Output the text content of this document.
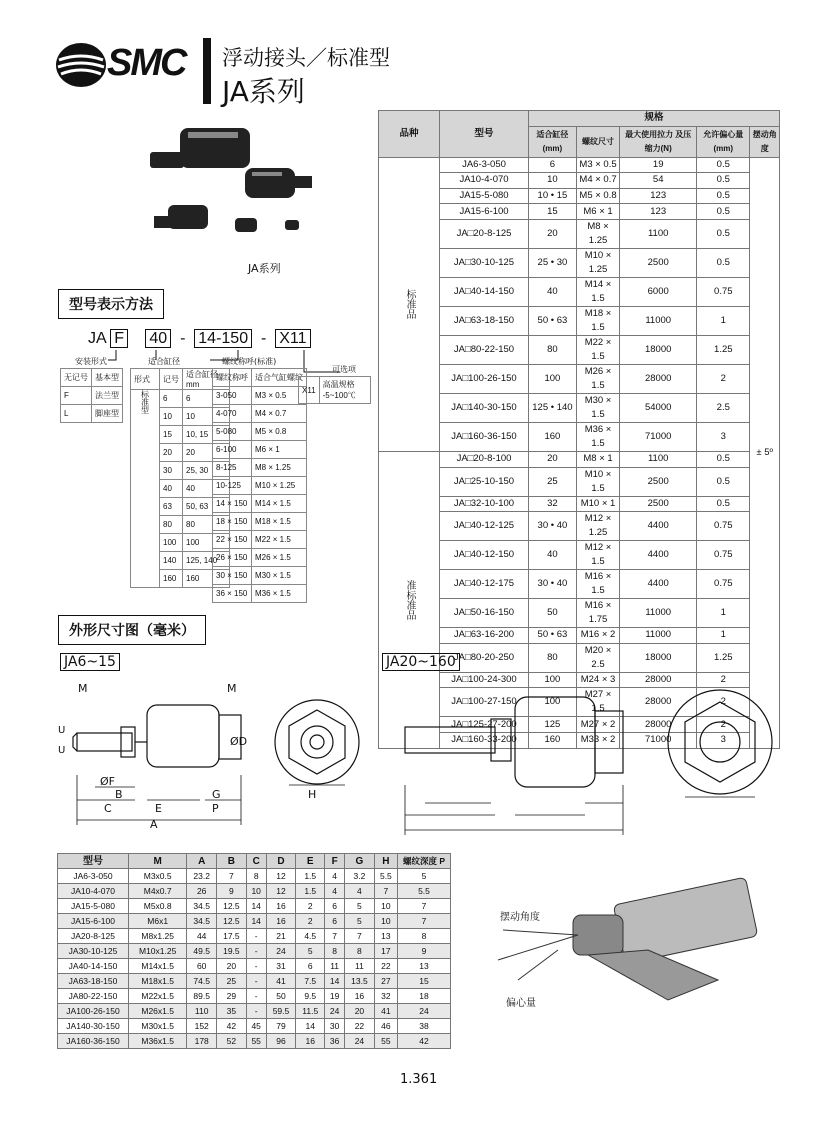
SMC 浮动接头／标准型
JA系列
JA系列
型号表示方法
JA F 40 - 14-150 - X11
安装形式
无记号	基本型
F	法兰型
L	脚座型
适合缸径
形式	记号	适合缸径 mm
标准型	6	6
	10	10
	15	10, 15
	20	20
	30	25, 30
	40	40
	63	50, 63
	80	80
	100	100
	140	125, 140
	160	160
螺纹称呼(标准)
螺纹称呼	适合气缸螺纹
3-050	M3 × 0.5
4-070	M4 × 0.7
5-080	M5 × 0.8
6-100	M6 × 1
8-125	M8 × 1.25
10-125	M10 × 1.25
14 × 150	M14 × 1.5
18 × 150	M18 × 1.5
22 × 150	M22 × 1.5
26 × 150	M26 × 1.5
30 × 150	M30 × 1.5
36 × 150	M36 × 1.5
可选项
X11	高温规格 -5~100℃
品种	型号	规格				
		适合缸径 (mm)	螺纹尺寸	最大使用拉力 及压缩力(N)	允许偏心量 (mm)	摆动角度
标准品	JA6-3-050	6	M3 × 0.5	19	0.5	± 5º
	JA10-4-070	10	M4 × 0.7	54	0.5	
	JA15-5-080	10 • 15	M5 × 0.8	123	0.5	
	JA15-6-100	15	M6 × 1	123	0.5	
	JA□20-8-125	20	M8 × 1.25	1100	0.5	
	JA□30-10-125	25 • 30	M10 × 1.25	2500	0.5	
	JA□40-14-150	40	M14 × 1.5	6000	0.75	
	JA□63-18-150	50 • 63	M18 × 1.5	11000	1	
	JA□80-22-150	80	M22 × 1.5	18000	1.25	
	JA□100-26-150	100	M26 × 1.5	28000	2	
	JA□140-30-150	125 • 140	M30 × 1.5	54000	2.5	
	JA□160-36-150	160	M36 × 1.5	71000	3	
准标准品	JA□20-8-100	20	M8 × 1	1100	0.5	
	JA□25-10-150	25	M10 × 1.5	2500	0.5	
	JA□32-10-100	32	M10 × 1	2500	0.5	
	JA□40-12-125	30 • 40	M12 × 1.25	4400	0.75	
	JA□40-12-150	40	M12 × 1.5	4400	0.75	
	JA□40-12-175	30 • 40	M16 × 1.5	4400	0.75	
	JA□50-16-150	50	M16 × 1.75	11000	1	
	JA□63-16-200	50 • 63	M16 × 2	11000	1	
	JA□80-20-250	80	M20 × 2.5	18000	1.25	
	JA□100-24-300	100	M24 × 3	28000	2	
	JA□100-27-150	100	M27 × 1.5	28000	2	
	JA□125-27-200	125	M27 × 2	28000	2	
	JA□160-33-200	160	M33 × 2	71000	3	
外形尺寸图（毫米）
JA6~15	JA20~160
M	M
U
U
ØF
ØD
B
C	E
A
G
P
H
型号	M	A	B	C	D	E	F	G	H	螺纹深度 P
JA6-3-050	M3x0.5	23.2	7	8	12	1.5	4	3.2	5.5	5
JA10-4-070	M4x0.7	26	9	10	12	1.5	4	4	7	5.5
JA15-5-080	M5x0.8	34.5	12.5	14	16	2	6	5	10	7
JA15-6-100	M6x1	34.5	12.5	14	16	2	6	5	10	7
JA20-8-125	M8x1.25	44	17.5	-	21	4.5	7	7	13	8
JA30-10-125	M10x1.25	49.5	19.5	-	24	5	8	8	17	9
JA40-14-150	M14x1.5	60	20	-	31	6	11	11	22	13
JA63-18-150	M18x1.5	74.5	25	-	41	7.5	14	13.5	27	15
JA80-22-150	M22x1.5	89.5	29	-	50	9.5	19	16	32	18
JA100-26-150	M26x1.5	110	35	-	59.5	11.5	24	20	41	24
JA140-30-150	M30x1.5	152	42	45	79	14	30	22	46	38
JA160-36-150	M36x1.5	178	52	55	96	16	36	24	55	42
摆动角度
偏心量
1.361
